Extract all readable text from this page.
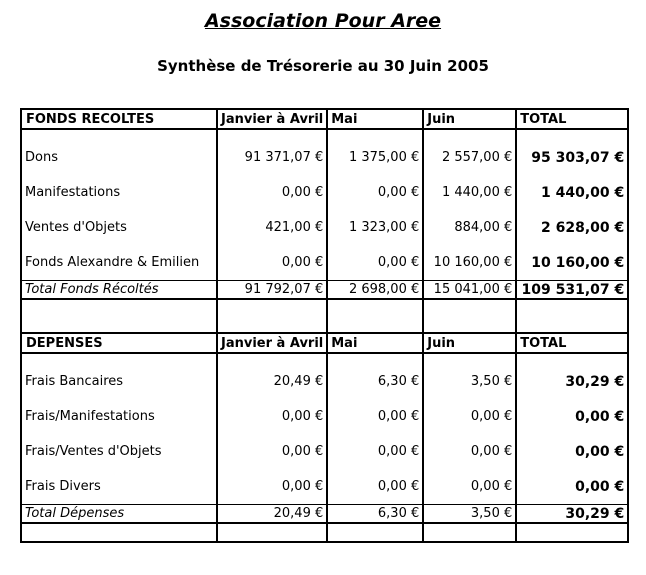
Association Pour Aree
Synthèse de Trésorerie au 30 Juin 2005
FONDS RECOLTES	Janvier à Avril	Mai	Juin	TOTAL

Dons	91 371,07 €	1 375,00 €	2 557,00 €	95 303,07 €
Manifestations	0,00 €	0,00 €	1 440,00 €	1 440,00 €
Ventes d'Objets	421,00 €	1 323,00 €	884,00 €	2 628,00 €
Fonds Alexandre & Emilien	0,00 €	0,00 €	10 160,00 €	10 160,00 €
Total Fonds Récoltés	91 792,07 €	2 698,00 €	15 041,00 €	109 531,07 €

DEPENSES	Janvier à Avril	Mai	Juin	TOTAL

Frais Bancaires	20,49 €	6,30 €	3,50 €	30,29 €
Frais/Manifestations	0,00 €	0,00 €	0,00 €	0,00 €
Frais/Ventes d'Objets	0,00 €	0,00 €	0,00 €	0,00 €
Frais Divers	0,00 €	0,00 €	0,00 €	0,00 €
Total Dépenses	20,49 €	6,30 €	3,50 €	30,29 €
